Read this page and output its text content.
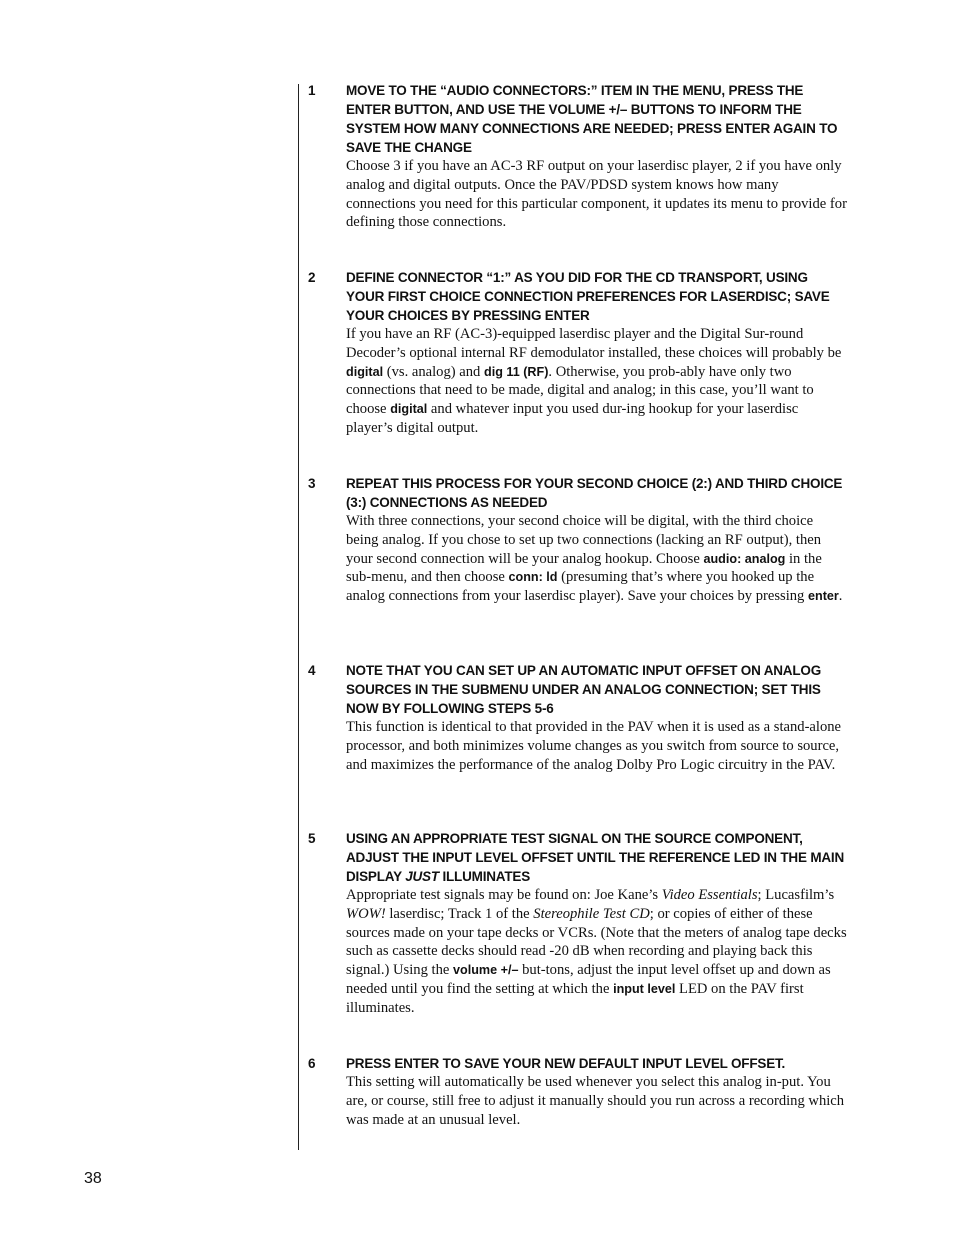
1 MOVE TO THE “AUDIO CONNECTORS:” ITEM IN THE MENU, PRESS THE ENTER BUTTON, AND USE THE VOLUME +/– BUTTONS TO INFORM THE SYSTEM HOW MANY CONNECTIONS ARE NEEDED; PRESS ENTER AGAIN TO SAVE THE CHANGE
Choose 3 if you have an AC-3 RF output on your laserdisc player, 2 if you have only analog and digital outputs. Once the PAV/PDSD system knows how many connections you need for this particular component, it updates its menu to provide for defining those connections.
2 DEFINE CONNECTOR “1:” AS YOU DID FOR THE CD TRANSPORT, USING YOUR FIRST CHOICE CONNECTION PREFERENCES FOR LASERDISC; SAVE YOUR CHOICES BY PRESSING ENTER
If you have an RF (AC-3)-equipped laserdisc player and the Digital Sur-round Decoder’s optional internal RF demodulator installed, these choices will probably be digital (vs. analog) and dig 11 (RF). Otherwise, you prob-ably have only two connections that need to be made, digital and analog; in this case, you’ll want to choose digital and whatever input you used dur-ing hookup for your laserdisc player’s digital output.
3 REPEAT THIS PROCESS FOR YOUR SECOND CHOICE (2:) AND THIRD CHOICE (3:) CONNECTIONS AS NEEDED
With three connections, your second choice will be digital, with the third choice being analog. If you chose to set up two connections (lacking an RF output), then your second connection will be your analog hookup. Choose audio: analog in the sub-menu, and then choose conn: ld (presuming that’s where you hooked up the analog connections from your laserdisc player). Save your choices by pressing enter.
4 NOTE THAT YOU CAN SET UP AN AUTOMATIC INPUT OFFSET ON ANALOG SOURCES IN THE SUBMENU UNDER AN ANALOG CONNECTION; SET THIS NOW BY FOLLOWING STEPS 5-6
This function is identical to that provided in the PAV when it is used as a stand-alone processor, and both minimizes volume changes as you switch from source to source, and maximizes the performance of the analog Dolby Pro Logic circuitry in the PAV.
5 USING AN APPROPRIATE TEST SIGNAL ON THE SOURCE COMPONENT, ADJUST THE INPUT LEVEL OFFSET UNTIL THE REFERENCE LED IN THE MAIN DISPLAY JUST ILLUMINATES
Appropriate test signals may be found on: Joe Kane’s Video Essentials; Lucasfilm’s WOW! laserdisc; Track 1 of the Stereophile Test CD; or copies of either of these sources made on your tape decks or VCRs. (Note that the meters of analog tape decks such as cassette decks should read -20 dB when recording and playing back this signal.) Using the volume +/– but-tons, adjust the input level offset up and down as needed until you find the setting at which the input level LED on the PAV first illuminates.
6 PRESS ENTER TO SAVE YOUR NEW DEFAULT INPUT LEVEL OFFSET.
This setting will automatically be used whenever you select this analog in-put. You are, or course, still free to adjust it manually should you run across a recording which was made at an unusual level.
38
